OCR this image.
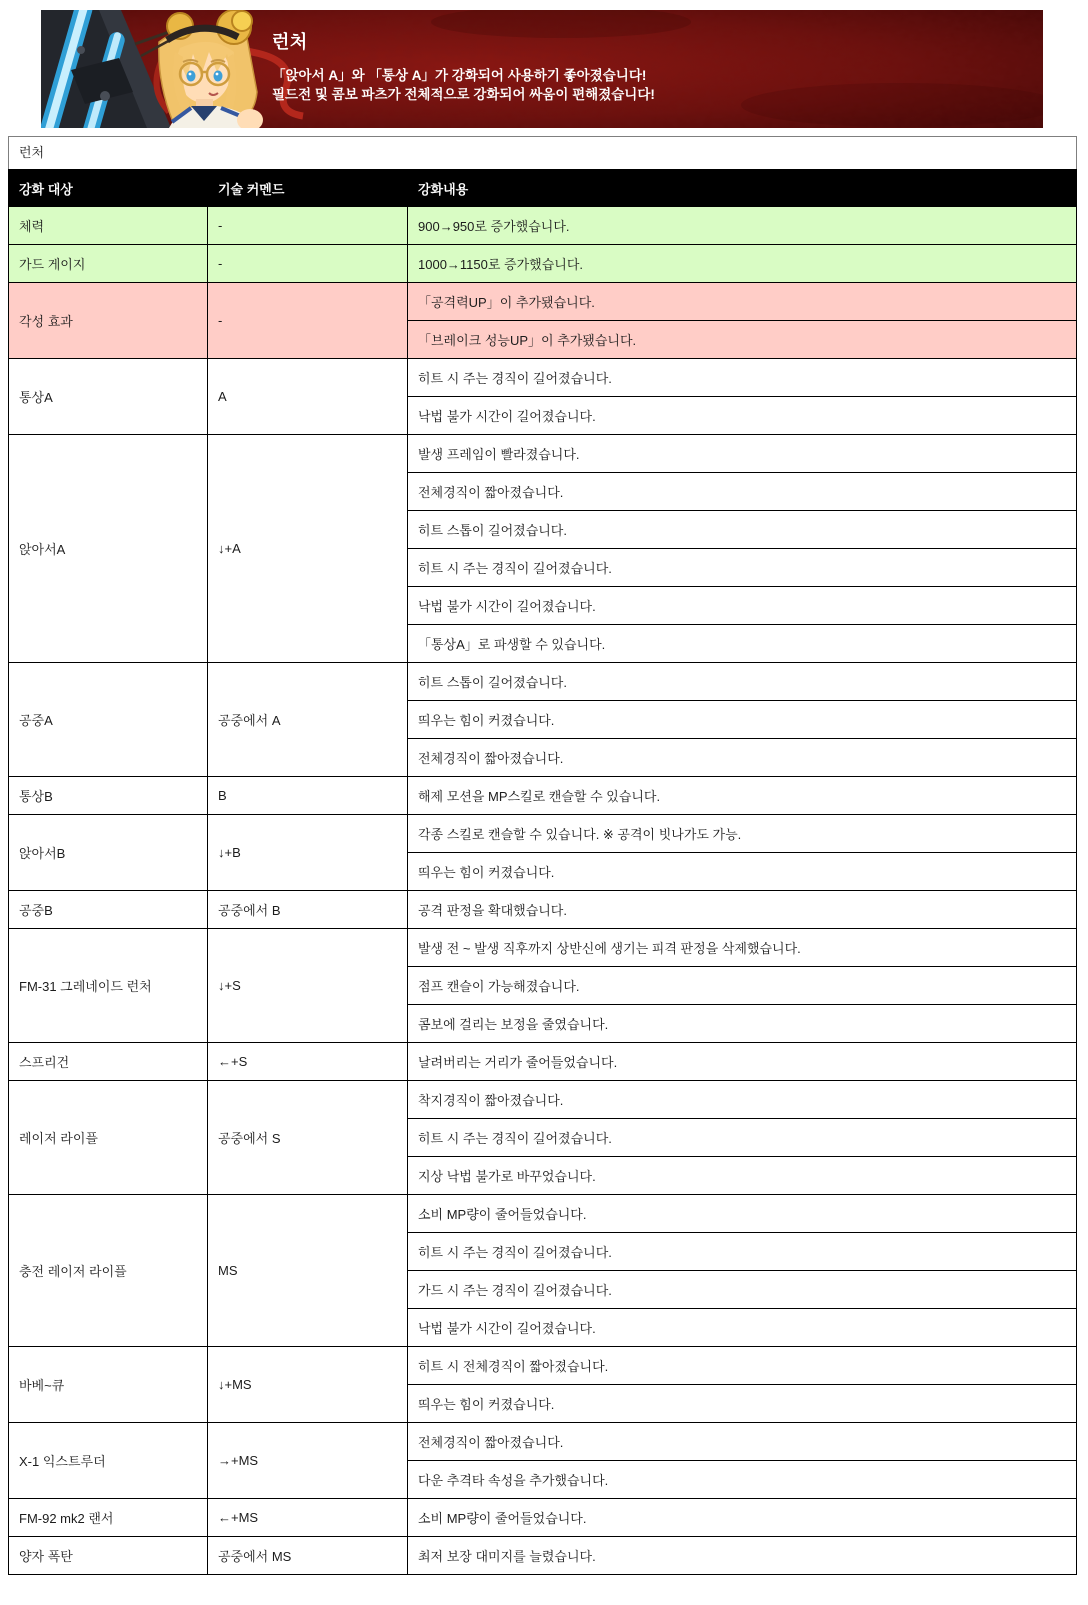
런처

「앉아서 A」와 「통상 A」가 강화되어 사용하기 좋아졌습니다!

필드전 및 콤보 파츠가 전체적으로 강화되어 싸움이 편해졌습니다!

런처
강화 대상	기술 커멘드	강화내용
체력	-	900→950로 증가했습니다.
가드 게이지	-	1000→1150로 증가했습니다.
각성 효과	-	「공격력UP」이 추가됐습니다.
		「브레이크 성능UP」이 추가됐습니다.
통상A	A	히트 시 주는 경직이 길어졌습니다.
		낙법 불가 시간이 길어졌습니다.
앉아서A	↓+A	발생 프레임이 빨라졌습니다.
		전체경직이 짧아졌습니다.
		히트 스톱이 길어졌습니다.
		히트 시 주는 경직이 길어졌습니다.
		낙법 불가 시간이 길어졌습니다.
		「통상A」로 파생할 수 있습니다.
공중A	공중에서 A	히트 스톱이 길어졌습니다.
		띄우는 힘이 커졌습니다.
		전체경직이 짧아졌습니다.
통상B	B	해제 모션을 MP스킬로 캔슬할 수 있습니다.
앉아서B	↓+B	각종 스킬로 캔슬할 수 있습니다. ※ 공격이 빗나가도 가능.
		띄우는 힘이 커졌습니다.
공중B	공중에서 B	공격 판정을 확대했습니다.
FM-31 그레네이드 런처	↓+S	발생 전 ~ 발생 직후까지 상반신에 생기는 피격 판정을 삭제했습니다.
		점프 캔슬이 가능해졌습니다.
		콤보에 걸리는 보정을 줄였습니다.
스프리건	←+S	날려버리는 거리가 줄어들었습니다.
레이저 라이플	공중에서 S	착지경직이 짧아졌습니다.
		히트 시 주는 경직이 길어졌습니다.
		지상 낙법 불가로 바꾸었습니다.
충전 레이저 라이플	MS	소비 MP량이 줄어들었습니다.
		히트 시 주는 경직이 길어졌습니다.
		가드 시 주는 경직이 길어졌습니다.
		낙법 불가 시간이 길어졌습니다.
바베~큐	↓+MS	히트 시 전체경직이 짧아졌습니다.
		띄우는 힘이 커졌습니다.
X-1 익스트루더	→+MS	전체경직이 짧아졌습니다.
		다운 추격타 속성을 추가했습니다.
FM-92 mk2 랜서	←+MS	소비 MP량이 줄어들었습니다.
양자 폭탄	공중에서 MS	최저 보장 대미지를 늘렸습니다.
